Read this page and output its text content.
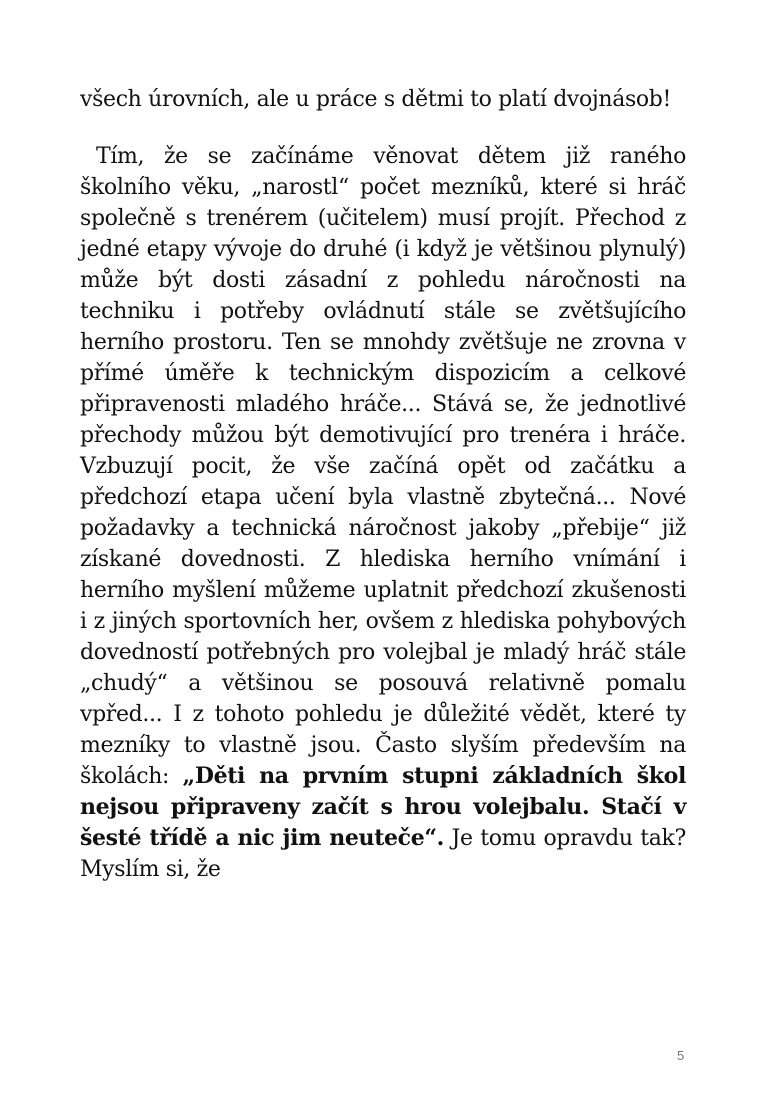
všech úrovních, ale u práce s dětmi to platí dvojnásob!

Tím, že se začínáme věnovat dětem již raného školního věku, „narostl“ počet mezníků, které si hráč společně s trenérem (učitelem) musí projít. Přechod z jedné etapy vývoje do druhé (i když je většinou plynulý) může být dosti zásadní z pohledu náročnosti na techniku i potřeby ovládnutí stále se zvětšujícího herního prostoru. Ten se mnohdy zvětšuje ne zrovna v přímé úměře k technickým dispozicím a celkové připravenosti mladého hráče... Stává se, že jednotlivé přechody můžou být demotivující pro trenéra i hráče. Vzbuzují pocit, že vše začíná opět od začátku a předchozí etapa učení byla vlastně zbytečná... Nové požadavky a technická náročnost jakoby „přebije“ již získané dovednosti. Z hlediska herního vnímání i herního myšlení můžeme uplatnit předchozí zkušenosti i z jiných sportovních her, ovšem z hlediska pohybových dovedností potřebných pro volejbal je mladý hráč stále „chudý“ a většinou se posouvá relativně pomalu vpřed... I z tohoto pohledu je důležité vědět, které ty mezníky to vlastně jsou. Často slyším především na školách: „Děti na prvním stupni základních škol nejsou připraveny začít s hrou volejbalu. Stačí v šesté třídě a nic jim neuteče“. Je tomu opravdu tak? Myslím si, že

5
